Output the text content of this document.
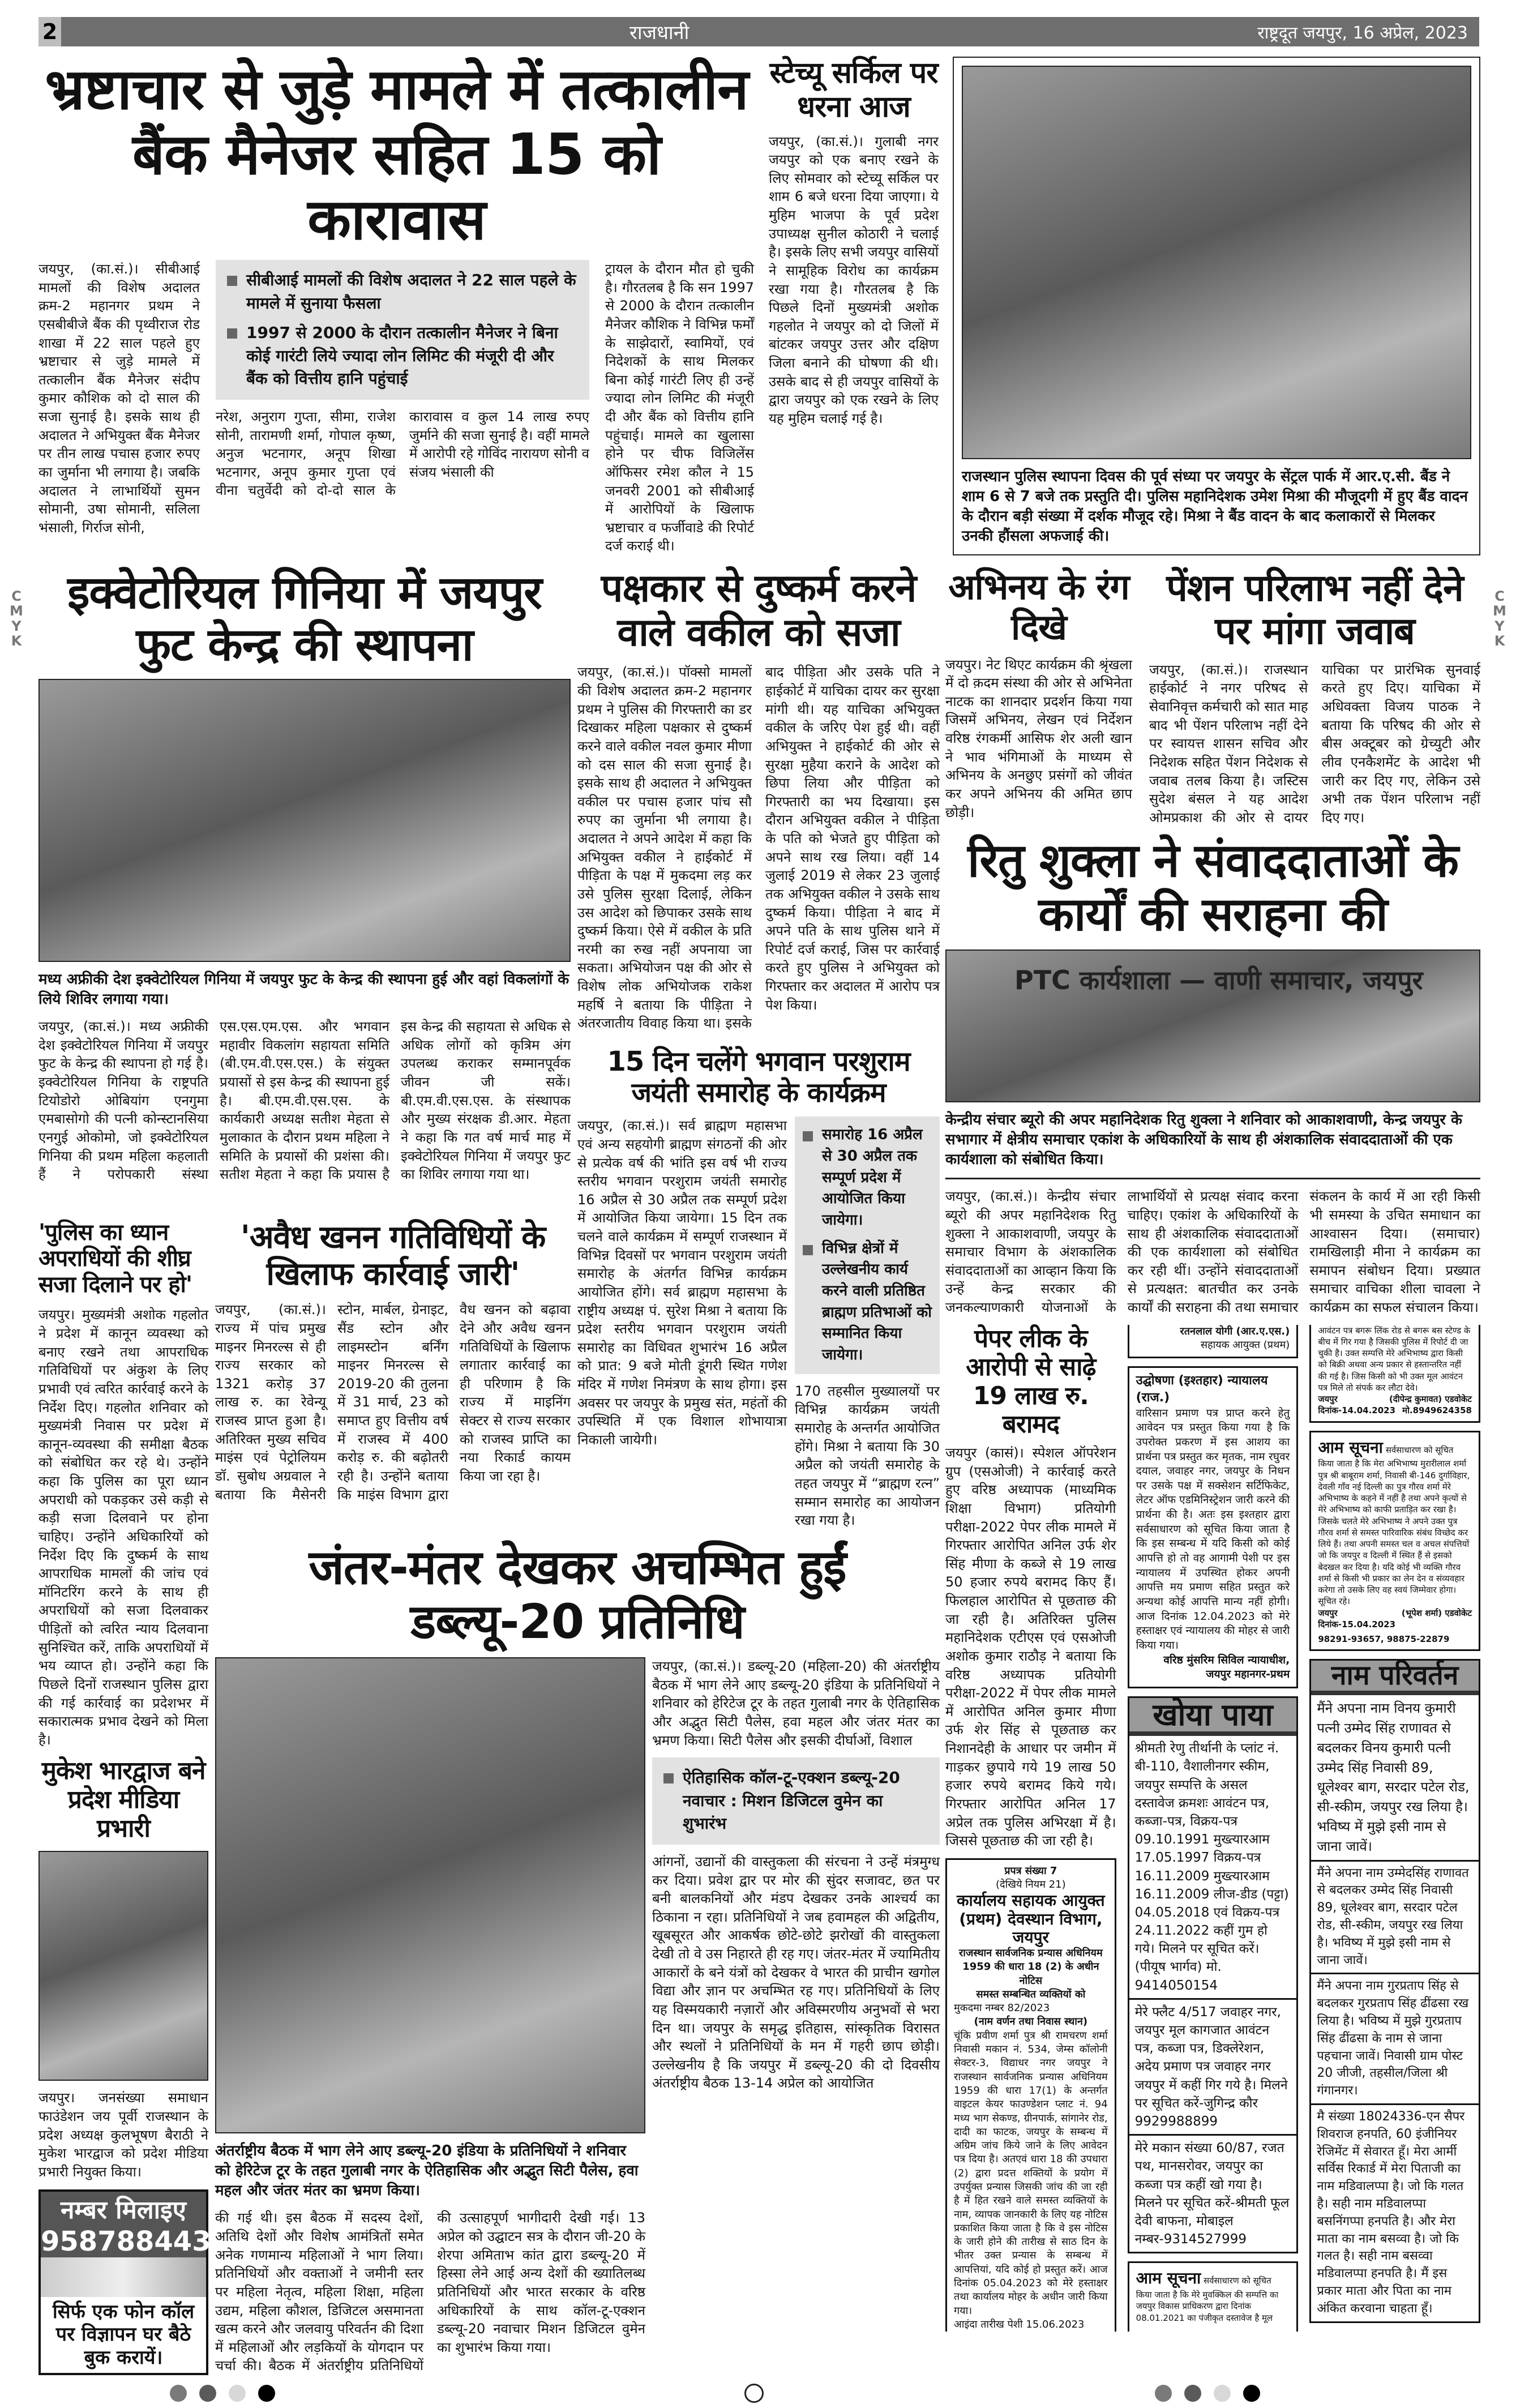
2	राजधानी	राष्ट्रदूत जयपुर, 16 अप्रेल, 2023
C
M
Y
K
C
M
Y
K
भ्रष्टाचार से जुड़े मामले में तत्कालीन बैंक मैनेजर सहित 15 को कारावास
जयपुर, (का.सं.)। सीबीआई मामलों की विशेष अदालत क्रम-2 महानगर प्रथम ने एसबीबीजे बैंक की पृथ्वीराज रोड शाखा में 22 साल पहले हुए भ्रष्टाचार से जुड़े मामले में तत्कालीन बैंक मैनेजर संदीप कुमार कौशिक को दो साल की सजा सुनाई है। इसके साथ ही अदालत ने अभियुक्त बैंक मैनेजर पर तीन लाख पचास हजार रुपए का जुर्माना भी लगाया है। जबकि अदालत ने लाभार्थियों सुमन सोमानी, उषा सोमानी, सलिला भंसाली, गिर्राज सोनी,
सीबीआई मामलों की विशेष अदालत ने 22 साल पहले के मामले में सुनाया फैसला
1997 से 2000 के दौरान तत्कालीन मैनेजर ने बिना कोई गारंटी लिये ज्यादा लोन लिमिट की मंजूरी दी और बैंक को वित्तीय हानि पहुंचाई
नरेश, अनुराग गुप्ता, सीमा, राजेश सोनी, तारामणी शर्मा, गोपाल कृष्ण, अनुज भटनागर, अनूप शिखा भटनागर, अनूप कुमार गुप्ता एवं वीना चतुर्वेदी को दो-दो साल के कारावास व कुल 14 लाख रुपए जुर्माने की सजा सुनाई है। वहीं मामले में आरोपी रहे गोविंद नारायण सोनी व संजय भंसाली की
ट्रायल के दौरान मौत हो चुकी है। गौरतलब है कि सन 1997 से 2000 के दौरान तत्कालीन मैनेजर कौशिक ने विभिन्न फर्मों के साझेदारों, स्वामियों, एवं निदेशकों के साथ मिलकर बिना कोई गारंटी लिए ही उन्हें ज्यादा लोन लिमिट की मंजूरी दी और बैंक को वित्तीय हानि पहुंचाई। मामले का खुलासा होने पर चीफ विजिलेंस ऑफिसर रमेश कौल ने 15 जनवरी 2001 को सीबीआई में आरोपियों के खिलाफ भ्रष्टाचार व फर्जीवाडे की रिपोर्ट दर्ज कराई थी।
स्टेच्यू सर्किल पर धरना आज
जयपुर, (का.सं.)। गुलाबी नगर जयपुर को एक बनाए रखने के लिए सोमवार को स्टेच्यू सर्किल पर शाम 6 बजे धरना दिया जाएगा। ये मुहिम भाजपा के पूर्व प्रदेश उपाध्यक्ष सुनील कोठारी ने चलाई है। इसके लिए सभी जयपुर वासियों ने सामूहिक विरोध का कार्यक्रम रखा गया है। गौरतलब है कि पिछले दिनों मुख्यमंत्री अशोक गहलोत ने जयपुर को दो जिलों में बांटकर जयपुर उत्तर और दक्षिण जिला बनाने की घोषणा की थी। उसके बाद से ही जयपुर वासियों के द्वारा जयपुर को एक रखने के लिए यह मुहिम चलाई गई है।
राजस्थान पुलिस स्थापना दिवस की पूर्व संध्या पर जयपुर के सेंट्रल पार्क में आर.ए.सी. बैंड ने शाम 6 से 7 बजे तक प्रस्तुति दी। पुलिस महानिदेशक उमेश मिश्रा की मौजूदगी में हुए बैंड वादन के दौरान बड़ी संख्या में दर्शक मौजूद रहे। मिश्रा ने बैंड वादन के बाद कलाकारों से मिलकर उनकी हौंसला अफजाई की।
इक्वेटोरियल गिनिया में जयपुर फुट केन्द्र की स्थापना
मध्य अफ्रीकी देश इक्वेटोरियल गिनिया में जयपुर फुट के केन्द्र की स्थापना हुई और वहां विकलांगों के लिये शिविर लगाया गया।
जयपुर, (का.सं.)। मध्य अफ्रीकी देश इक्वेटोरियल गिनिया में जयपुर फुट के केन्द्र की स्थापना हो गई है। इक्वेटोरियल गिनिया के राष्ट्रपति टियोडोरो ओबियांग एनगुमा एमबासोगो की पत्नी कोन्स्टानसिया एनगुई ओकोमो, जो इक्वेटोरियल गिनिया की प्रथम महिला कहलाती हैं ने परोपकारी संस्था एस.एस.एम.एस. और भगवान महावीर विकलांग सहायता समिति (बी.एम.वी.एस.एस.) के संयुक्त प्रयासों से इस केन्द्र की स्थापना हुई है। बी.एम.वी.एस.एस. के कार्यकारी अध्यक्ष सतीश मेहता से मुलाकात के दौरान प्रथम महिला ने समिति के प्रयासों की प्रशंसा की। सतीश मेहता ने कहा कि प्रयास है इस केन्द्र की सहायता से अधिक से अधिक लोगों को कृत्रिम अंग उपलब्ध कराकर सम्मानपूर्वक जीवन जी सकें। बी.एम.वी.एस.एस. के संस्थापक और मुख्य संरक्षक डी.आर. मेहता ने कहा कि गत वर्ष मार्च माह में इक्वेटोरियल गिनिया में जयपुर फुट का शिविर लगाया गया था।
पक्षकार से दुष्कर्म करने वाले वकील को सजा
जयपुर, (का.सं.)। पॉक्सो मामलों की विशेष अदालत क्रम-2 महानगर प्रथम ने पुलिस की गिरफ्तारी का डर दिखाकर महिला पक्षकार से दुष्कर्म करने वाले वकील नवल कुमार मीणा को दस साल की सजा सुनाई है। इसके साथ ही अदालत ने अभियुक्त वकील पर पचास हजार पांच सौ रुपए का जुर्माना भी लगाया है। अदालत ने अपने आदेश में कहा कि अभियुक्त वकील ने हाईकोर्ट में पीड़िता के पक्ष में मुकदमा लड़ कर उसे पुलिस सुरक्षा दिलाई, लेकिन उस आदेश को छिपाकर उसके साथ दुष्कर्म किया। ऐसे में वकील के प्रति नरमी का रुख नहीं अपनाया जा सकता। अभियोजन पक्ष की ओर से विशेष लोक अभियोजक राकेश महर्षि ने बताया कि पीड़िता ने अंतरजातीय विवाह किया था। इसके बाद पीड़िता और उसके पति ने हाईकोर्ट में याचिका दायर कर सुरक्षा मांगी थी। यह याचिका अभियुक्त वकील के जरिए पेश हुई थी। वहीं अभियुक्त ने हाईकोर्ट की ओर से सुरक्षा मुहैया कराने के आदेश को छिपा लिया और पीड़िता को गिरफ्तारी का भय दिखाया। इस दौरान अभियुक्त वकील ने पीड़िता के पति को भेजते हुए पीड़िता को अपने साथ रख लिया। वहीं 14 जुलाई 2019 से लेकर 23 जुलाई तक अभियुक्त वकील ने उसके साथ दुष्कर्म किया। पीड़िता ने बाद में अपने पति के साथ पुलिस थाने में रिपोर्ट दर्ज कराई, जिस पर कार्रवाई करते हुए पुलिस ने अभियुक्त को गिरफ्तार कर अदालत में आरोप पत्र पेश किया।
15 दिन चलेंगे भगवान परशुराम जयंती समारोह के कार्यक्रम
जयपुर, (का.सं.)। सर्व ब्राह्मण महासभा एवं अन्य सहयोगी ब्राह्मण संगठनों की ओर से प्रत्येक वर्ष की भांति इस वर्ष भी राज्य स्तरीय भगवान परशुराम जयंती समारोह 16 अप्रैल से 30 अप्रैल तक सम्पूर्ण प्रदेश में आयोजित किया जायेगा। 15 दिन तक चलने वाले कार्यक्रम में सम्पूर्ण राजस्थान में विभिन्न दिवसों पर भगवान परशुराम जयंती समारोह के अंतर्गत विभिन्न कार्यक्रम आयोजित होंगे। सर्व ब्राह्मण महासभा के राष्ट्रीय अध्यक्ष पं. सुरेश मिश्रा ने बताया कि प्रदेश स्तरीय भगवान परशुराम जयंती समारोह का विधिवत शुभारंभ 16 अप्रैल को प्रात: 9 बजे मोती डूंगरी स्थित गणेश मंदिर में गणेश निमंत्रण के साथ होगा। इस अवसर पर जयपुर के प्रमुख संत, महंतों की उपस्थिति में एक विशाल शोभायात्रा निकाली जायेगी।
समारोह 16 अप्रैल से 30 अप्रैल तक सम्पूर्ण प्रदेश में आयोजित किया जायेगा।
विभिन्न क्षेत्रों में उल्लेखनीय कार्य करने वाली प्रतिष्ठित ब्राह्मण प्रतिभाओं को सम्मानित किया जायेगा।
170 तहसील मुख्यालयों पर विभिन्न कार्यक्रम जयंती समारोह के अन्तर्गत आयोजित होंगे। मिश्रा ने बताया कि 30 अप्रैल को जयंती समारोह के तहत जयपुर में “ब्राह्मण रत्न” सम्मान समारोह का आयोजन रखा गया है।
'पुलिस का ध्यान अपराधियों की शीघ्र सजा दिलाने पर हो'
जयपुर। मुख्यमंत्री अशोक गहलोत ने प्रदेश में कानून व्यवस्था को बनाए रखने तथा आपराधिक गतिविधियों पर अंकुश के लिए प्रभावी एवं त्वरित कार्रवाई करने के निर्देश दिए। गहलोत शनिवार को मुख्यमंत्री निवास पर प्रदेश में कानून-व्यवस्था की समीक्षा बैठक को संबोधित कर रहे थे। उन्होंने कहा कि पुलिस का पूरा ध्यान अपराधी को पकड़कर उसे कड़ी से कड़ी सजा दिलवाने पर होना चाहिए। उन्होंने अधिकारियों को निर्देश दिए कि दुष्कर्म के साथ आपराधिक मामलों की जांच एवं मॉनिटरिंग करने के साथ ही अपराधियों को सजा दिलवाकर पीड़ितों को त्वरित न्याय दिलवाना सुनिश्चित करें, ताकि अपराधियों में भय व्याप्त हो। उन्होंने कहा कि पिछले दिनों राजस्थान पुलिस द्वारा की गई कार्रवाई का प्रदेशभर में सकारात्मक प्रभाव देखने को मिला है।
मुकेश भारद्वाज बने प्रदेश मीडिया प्रभारी
जयपुर। जनसंख्या समाधान फाउंडेशन जय पूर्वी राजस्थान के प्रदेश अध्यक्ष कुलभूषण बैराठी ने मुकेश भारद्वाज को प्रदेश मीडिया प्रभारी नियुक्त किया।
नम्बर मिलाइए
9587884433
सिर्फ एक फोन कॉल पर विज्ञापन घर बैठे बुक करायें।
'अवैध खनन गतिविधियों के खिलाफ कार्रवाई जारी'
जयपुर, (का.सं.)। राज्य में पांच प्रमुख माइनर मिनरल्स से ही राज्य सरकार को 1321 करोड़ 37 लाख रु. का रेवेन्यू राजस्व प्राप्त हुआ है। अतिरिक्त मुख्य सचिव माइंस एवं पेट्रोलियम डॉ. सुबोध अग्रवाल ने बताया कि मैसेनरी स्टोन, मार्बल, ग्रेनाइट, सैंड स्टोन और लाइमस्टोन बर्निंग माइनर मिनरल्स से 2019-20 की तुलना में 31 मार्च, 23 को समाप्त हुए वित्तीय वर्ष में राजस्व में 400 करोड़ रु. की बढ़ोतरी रही है। उन्होंने बताया कि माइंस विभाग द्वारा वैध खनन को बढ़ावा देने और अवैध खनन गतिविधियों के खिलाफ लगातार कार्रवाई का ही परिणाम है कि राज्य में माइनिंग सेक्टर से राज्य सरकार को राजस्व प्राप्ति का नया रिकार्ड कायम किया जा रहा है।
जंतर-मंतर देखकर अचम्भित हुईं डब्ल्यू-20 प्रतिनिधि
अंतर्राष्ट्रीय बैठक में भाग लेने आए डब्ल्यू-20 इंडिया के प्रतिनिधियों ने शनिवार को हेरिटेज टूर के तहत गुलाबी नगर के ऐतिहासिक और अद्भुत सिटी पैलेस, हवा महल और जंतर मंतर का भ्रमण किया।
की गई थी। इस बैठक में सदस्य देशों, अतिथि देशों और विशेष आमंत्रितों समेत अनेक गणमान्य महिलाओं ने भाग लिया। प्रतिनिधियों और वक्ताओं ने जमीनी स्तर पर महिला नेतृत्व, महिला शिक्षा, महिला उद्यम, महिला कौशल, डिजिटल असमानता खत्म करने और जलवायु परिवर्तन की दिशा में महिलाओं और लड़कियों के योगदान पर चर्चा की। बैठक में अंतर्राष्ट्रीय प्रतिनिधियों की उत्साहपूर्ण भागीदारी देखी गई। 13 अप्रेल को उद्घाटन सत्र के दौरान जी-20 के शेरपा अमिताभ कांत द्वारा डब्ल्यू-20 में हिस्सा लेने आई अन्य देशों की ख्यातिलब्ध प्रतिनिधियों और भारत सरकार के वरिष्ठ अधिकारियों के साथ कॉल-टू-एक्शन डब्ल्यू-20 नवाचार मिशन डिजिटल वुमेन का शुभारंभ किया गया।
जयपुर, (का.सं.)। डब्ल्यू-20 (महिला-20) की अंतर्राष्ट्रीय बैठक में भाग लेने आए डब्ल्यू-20 इंडिया के प्रतिनिधियों ने शनिवार को हेरिटेज टूर के तहत गुलाबी नगर के ऐतिहासिक और अद्भुत सिटी पैलेस, हवा महल और जंतर मंतर का भ्रमण किया। सिटी पैलेस और इसकी दीर्घाओं, विशाल
ऐतिहासिक कॉल-टू-एक्शन डब्ल्यू-20 नवाचार : मिशन डिजिटल वुमेन का शुभारंभ
आंगनों, उद्यानों की वास्तुकला की संरचना ने उन्हें मंत्रमुग्ध कर दिया। प्रवेश द्वार पर मोर की सुंदर सजावट, छत पर बनी बालकनियों और मंडप देखकर उनके आश्चर्य का ठिकाना न रहा। प्रतिनिधियों ने जब हवामहल की अद्वितीय, खूबसूरत और आकर्षक छोटे-छोटे झरोखों की वास्तुकला देखी तो वे उस निहारते ही रह गए। जंतर-मंतर में ज्यामितीय आकारों के बने यंत्रों को देखकर वे भारत की प्राचीन खगोल विद्या और ज्ञान पर अचम्भित रह गए। प्रतिनिधियों के लिए यह विस्मयकारी नज़ारों और अविस्मरणीय अनुभवों से भरा दिन था। जयपुर के समृद्ध इतिहास, सांस्कृतिक विरासत और स्थलों ने प्रतिनिधियों के मन में गहरी छाप छोड़ी। उल्लेखनीय है कि जयपुर में डब्ल्यू-20 की दो दिवसीय अंतर्राष्ट्रीय बैठक 13-14 अप्रेल को आयोजित
अभिनय के रंग दिखे
जयपुर। नेट थिएट कार्यक्रम की श्रृंखला में दो क़दम संस्था की ओर से अभिनेता नाटक का शानदार प्रदर्शन किया गया जिसमें अभिनय, लेखन एवं निर्देशन वरिष्ठ रंगकर्मी आसिफ शेर अली खान ने भाव भंगिमाओं के माध्यम से अभिनय के अनछुए प्रसंगों को जीवंत कर अपने अभिनय की अमित छाप छोड़ी।
पेंशन परिलाभ नहीं देने पर मांगा जवाब
जयपुर, (का.सं.)। राजस्थान हाईकोर्ट ने नगर परिषद से सेवानिवृत्त कर्मचारी को सात माह बाद भी पेंशन परिलाभ नहीं देने पर स्वायत्त शासन सचिव और निदेशक सहित पेंशन निदेशक से जवाब तलब किया है। जस्टिस सुदेश बंसल ने यह आदेश ओमप्रकाश की ओर से दायर याचिका पर प्रारंभिक सुनवाई करते हुए दिए। याचिका में अधिवक्ता विजय पाठक ने बताया कि परिषद की ओर से बीस अक्टूबर को ग्रेच्युटी और लीव एनकैशमेंट के आदेश भी जारी कर दिए गए, लेकिन उसे अभी तक पेंशन परिलाभ नहीं दिए गए।
रितु शुक्ला ने संवाददाताओं के कार्यों की सराहना की
PTC कार्यशाला — वाणी समाचार, जयपुर
केन्द्रीय संचार ब्यूरो की अपर महानिदेशक रितु शुक्ला ने शनिवार को आकाशवाणी, केन्द्र जयपुर के सभागार में क्षेत्रीय समाचार एकांश के अधिकारियों के साथ ही अंशकालिक संवाददाताओं की एक कार्यशाला को संबोधित किया।
जयपुर, (का.सं.)। केन्द्रीय संचार ब्यूरो की अपर महानिदेशक रितु शुक्ला ने आकाशवाणी, जयपुर के समाचार विभाग के अंशकालिक संवाददाताओं का आव्हान किया कि उन्हें केन्द्र सरकार की जनकल्याणकारी योजनाओं के लाभार्थियों से प्रत्यक्ष संवाद करना चाहिए। एकांश के अधिकारियों के साथ ही अंशकालिक संवाददाताओं की एक कार्यशाला को संबोधित कर रही थीं। उन्होंने संवाददाताओं से प्रत्यक्षत: बातचीत कर उनके कार्यों की सराहना की तथा समाचार संकलन के कार्य में आ रही किसी भी समस्या के उचित समाधान का आश्वासन दिया। (समाचार) रामखिलाड़ी मीना ने कार्यक्रम का समापन संबोधन दिया। प्रख्यात समाचार वाचिका शीला चावला ने कार्यक्रम का सफल संचालन किया।
पेपर लीक के आरोपी से साढ़े 19 लाख रु. बरामद
जयपुर (कासं)। स्पेशल ऑपरेशन ग्रुप (एसओजी) ने कार्रवाई करते हुए वरिष्ठ अध्यापक (माध्यमिक शिक्षा विभाग) प्रतियोगी परीक्षा-2022 पेपर लीक मामले में गिरफ्तार आरोपित अनिल उर्फ शेर सिंह मीणा के कब्जे से 19 लाख 50 हजार रुपये बरामद किए हैं। फिलहाल आरोपित से पूछताछ की जा रही है। अतिरिक्त पुलिस महानिदेशक एटीएस एवं एसओजी अशोक कुमार राठौड़ ने बताया कि वरिष्ठ अध्यापक प्रतियोगी परीक्षा-2022 में पेपर लीक मामले में आरोपित अनिल कुमार मीणा उर्फ शेर सिंह से पूछताछ कर निशानदेही के आधार पर जमीन में गाड़कर छुपाये गये 19 लाख 50 हजार रुपये बरामद किये गये। गिरफ्तार आरोपित अनिल 17 अप्रेल तक पुलिस अभिरक्षा में है। जिससे पूछताछ की जा रही है।
प्रपत्र संख्या 7
(देखिये नियम 21)
कार्यालय सहायक आयुक्त (प्रथम) देवस्थान विभाग, जयपुर
राजस्थान सार्वजनिक प्रन्यास अधिनियम 1959 की धारा 18 (2) के अधीन नोटिस
समस्त सम्बन्धित व्यक्तियों को
मुकदमा नम्बर 82/2023
(नाम वर्णन तथा निवास स्थान)
चूंकि प्रवीण शर्मा पुत्र श्री रामचरण शर्मा निवासी मकान नं. 534, जेम्स कॉलोनी सेक्टर-3, विद्याधर नगर जयपुर ने राजस्थान सार्वजनिक प्रन्यास अधिनियम 1959 की धारा 17(1) के अन्तर्गत वाइटल केयर फाउण्डेशन प्लाट नं. 94 मध्य भाग सेकण्ड, ग्रीनपार्क, सांगानेर रोड, दादी का फाटक, जयपुर के सम्बन्ध में अग्रिम जांच किये जाने के लिए आवेदन पत्र दिया है। अतएवं धारा 18 की उपधारा (2) द्वारा प्रदत्त शक्तियों के प्रयोग में उपर्युक्त प्रन्यास जिसकी जांच की जा रही है में हित रखने वाले समस्त व्यक्तियों के नाम, व्यापक जानकारी के लिए यह नोटिस प्रकाशित किया जाता है कि वे इस नोटिस के जारी होने की तारीख से साठ दिन के भीतर उक्त प्रन्यास के सम्बन्ध में आपत्तियां, यदि कोई हो प्रस्तुत करें। आज दिनांक 05.04.2023 को मेरे हस्ताक्षर तथा कार्यालय मोहर के अधीन जारी किया गया।
आइंदा तारीख पेशी 15.06.2023
रतनलाल योगी (आर.ए.एस.)
सहायक आयुक्त (प्रथम)
उद्घोषणा (इश्तहार) न्यायालय (राज.)
वारिसान प्रमाण पत्र प्राप्त करने हेतु आवेदन पत्र प्रस्तुत किया गया है कि उपरोक्त प्रकरण में इस आशय का प्रार्थना पत्र प्रस्तुत कर मृतक, नाम रघुवर दयाल, जवाहर नगर, जयपुर के निधन पर उसके पक्ष में सक्सेशन सर्टिफिकेट, लेटर ऑफ एडमिनिस्ट्रेशन जारी करने की प्रार्थना की है। अतः इस इश्तहार द्वारा सर्वसाधारण को सूचित किया जाता है कि इस सम्बन्ध में यदि किसी को कोई आपत्ति हो तो वह आगामी पेशी पर इस न्यायालय में उपस्थित होकर अपनी आपत्ति मय प्रमाण सहित प्रस्तुत करे अन्यथा कोई आपत्ति मान्य नहीं होगी। आज दिनांक 12.04.2023 को मेरे हस्ताक्षर एवं न्यायालय की मोहर से जारी किया गया।
वरिष्ठ मुंसरिम सिविल न्यायाधीश, जयपुर महानगर-प्रथम
खोया पाया
श्रीमती रेणु तीर्थानी के प्लांट नं. बी-110, वैशालीनगर स्कीम, जयपुर सम्पत्ति के असल दस्तावेज क्रमशः आवंटन पत्र, कब्जा-पत्र, विक्रय-पत्र 09.10.1991 मुख्त्यारआम 17.05.1997 विक्रय-पत्र 16.11.2009 मुख्त्यारआम 16.11.2009 लीज-डीड (पट्टा) 04.05.2018 एवं विक्रय-पत्र 24.11.2022 कहीं गुम हो गये। मिलने पर सूचित करें। (पीयूष भार्गव) मो. 9414050154
मेरे फ्लैट 4/517 जवाहर नगर, जयपुर मूल कागजात आवंटन पत्र, कब्जा पत्र, डिक्लेरेशन, अदेय प्रमाण पत्र जवाहर नगर जयपुर में कहीं गिर गये है। मिलने पर सूचित करें-जुगिन्द्र कौर 9929988899
मेरे मकान संख्या 60/87, रजत पथ, मानसरोवर, जयपुर का कब्जा पत्र कहीं खो गया है। मिलने पर सूचित करें-श्रीमती फूल देवी बाफना, मोबाइल नम्बर-9314527999
आम सूचना सर्वसाधारण को सूचित किया जाता है कि मेरे मुवक्किल की सम्पत्ति का जयपुर विकास प्राधिकरण द्वारा दिनांक 08.01.2021 का पंजीकृत दस्तावेज है मूल आवंटन पत्र बगरू लिंक रोड से बगरू बस स्टेण्ड के बीच में गिर गया है जिसकी पुलिस में रिपोर्ट दी जा चुकी है। उक्त सम्पत्ति मेरे अभिभाष्य द्वारा किसी को बिक्री अथवा अन्य प्रकार से हस्तान्तरित नहीं की गई है। जिस किसी को भी उक्त मूल आवंटन पत्र मिले तो संपर्क कर लौटा देवे।
जयपुर	(दीपेन्द्र कुमावत) एडवोकेट
दिनांक-14.04.2023 मो.8949624358
आम सूचना सर्वसाधारण को सूचित किया जाता है कि मेरा अभिभाष्य मुरारीलाल शर्मा पुत्र श्री बाबूराम शर्मा, निवासी बी-146 दुर्गाविहार, देवली गाँव नई दिल्ली का पुत्र गौरव शर्मा मेरे अभिभाष्य के कहने में नहीं है तथा अपने कृत्यों से मेरे अभिभाष्य को काफी प्रताड़ित कर रखा है। जिसके चलते मेरे अभिभाष्य ने अपने उक्त पुत्र गौरव शर्मा से समस्त पारिवारिक संबंध विच्छेद कर लिये हैं। तथा अपनी समस्त चल व अचल संपत्तियों जो कि जयपुर व दिल्ली में स्थित हैं से इसको बेदखल कर दिया है। यदि कोई भी व्यक्ति गौरव शर्मा से किसी भी प्रकार का लेन देन व संव्यवहार करेगा तो उसके लिए वह स्वयं जिम्मेवार होगा। सूचित रहे।
जयपुर	(भूपेश शर्मा) एडवोकेट
दिनांक-15.04.2023
98291-93657, 98875-22879
नाम परिवर्तन
मैंने अपना नाम विनय कुमारी पत्नी उम्मेद सिंह राणावत से बदलकर विनय कुमारी पत्नी उम्मेद सिंह निवासी 89, धूलेश्वर बाग, सरदार पटेल रोड, सी-स्कीम, जयपुर रख लिया है। भविष्य में मुझे इसी नाम से जाना जावें।
मैंने अपना नाम उम्मेदसिंह राणावत से बदलकर उम्मेद सिंह निवासी 89, धूलेश्वर बाग, सरदार पटेल रोड, सी-स्कीम, जयपुर रख लिया है। भविष्य में मुझे इसी नाम से जाना जावें।
मैंने अपना नाम गुरप्रताप सिंह से बदलकर गुरप्रताप सिंह ढींढसा रख लिया है। भविष्य में मुझे गुरप्रताप सिंह ढींढसा के नाम से जाना पहचाना जावें। निवासी ग्राम पोस्ट 20 जीजी, तहसील/जिला श्री गंगानगर।
मै संख्या 18024336-एन सैपर शिवराज हनपति, 60 इंजीनियर रेजिमेंट में सेवारत हूँ। मेरा आर्मी सर्विस रिकार्ड में मेरा पिताजी का नाम मडिवालप्पा है। जो कि गलत है। सही नाम मडिवालप्पा बसनिंगप्पा हनपति है। और मेरा माता का नाम बसव्वा है। जो कि गलत है। सही नाम बसव्वा मडिवालप्पा हनपति है। मैं इस प्रकार माता और पिता का नाम अंकित करवाना चाहता हूँ।
